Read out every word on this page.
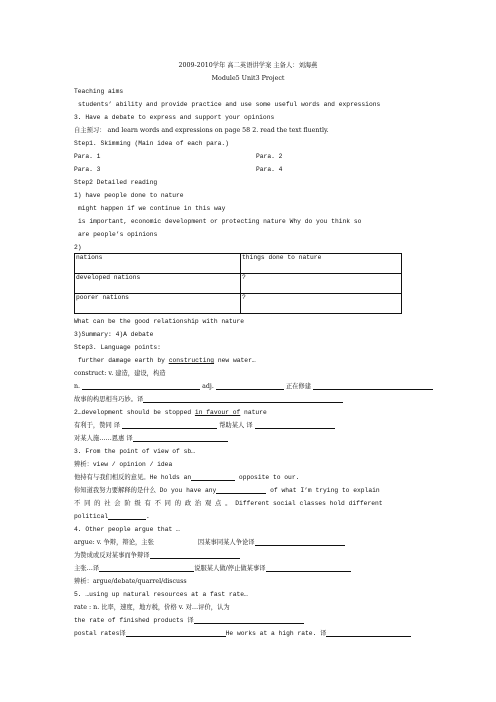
2009-2010学年 高二英语讲学案 主备人：刘海燕
Module5 Unit3 Project
Teaching aims
students’ ability and provide practice and use some useful words and expressions
3. Have a debate to express and support your opinions
自主预习： and learn words and expressions on page 58 2. read the text fluently.
Step1. Skimming (Main idea of each para.)
Para. 1	Para. 2
Para. 3	Para. 4
Step2 Detailed reading
1) have people done to nature
might happen if we continue in this way
is important, economic development or protecting nature Why do you think so
are people’s opinions
2)
nations	things done to nature
developed nations	?
poorer nations	?
What can be the good relationship with nature
3)Summary: 4)A debate
Step3. Language points:
further damage earth by constructing new water…
construct: v. 建造，建设，构造
n.	adj.	正在修建
故事的构思相当巧妙。译
2…development should be stopped in favour of nature
有利于，赞同 译	帮助某人 译
对某人施……恩惠 译
3. From the point of view of sb…
辨析：view / opinion / idea
他持有与我们相反的意见。He holds an	opposite to our.
你知道我努力要解释的是什么 Do you have any	of what I’m trying to explain
不 同 的 社 会 阶 级 有 不 同 的 政 治 观 点 。 Different social classes hold different
political	.
4. Other people argue that …
argue: v. 争辩，辩论，主张	因某事同某人争论译
为赞成或反对某事而争辩译
主张…译	说服某人做/停止做某事译
辨析：argue/debate/quarrel/discuss
5. …using up natural resources at a fast rate…
rate : n. 比率，速度，地方税，价格 v. 对…评价，认为
the rate of finished products 译
postal rates译	He works at a high rate. 译
